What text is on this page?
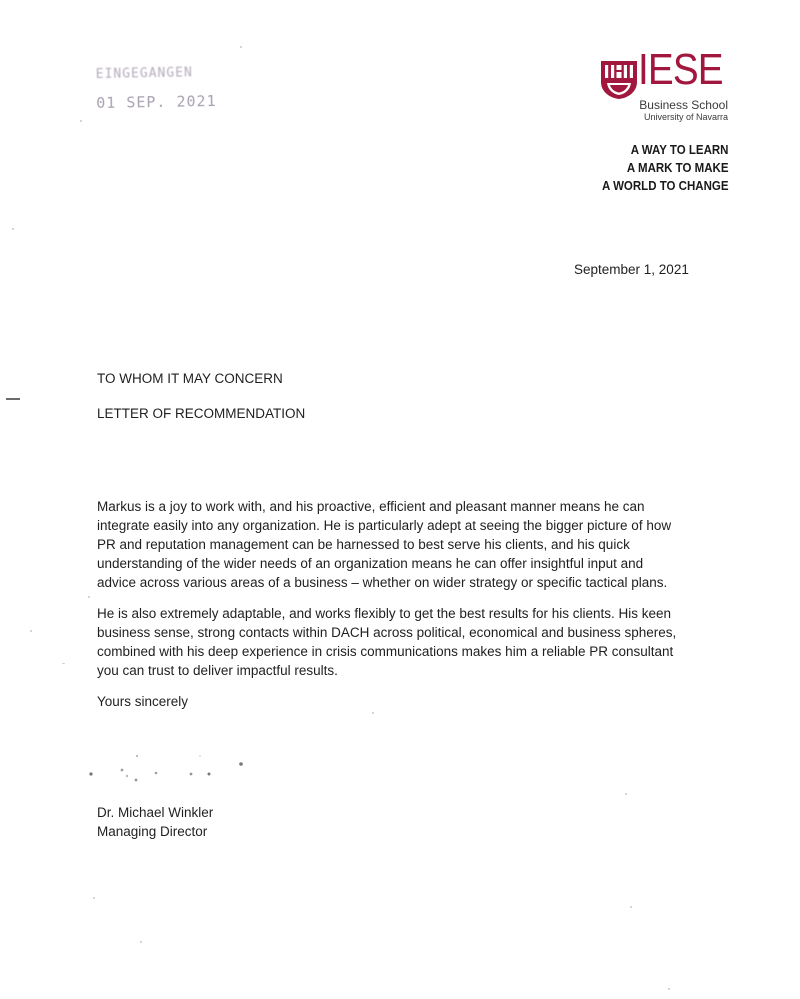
EINGEGANGEN
01 SEP. 2021
IESE
Business School
University of Navarra
A WAY TO LEARN
A MARK TO MAKE
A WORLD TO CHANGE
September 1, 2021
TO WHOM IT MAY CONCERN
LETTER OF RECOMMENDATION
Markus is a joy to work with, and his proactive, efficient and pleasant manner means he can
integrate easily into any organization. He is particularly adept at seeing the bigger picture of how
PR and reputation management can be harnessed to best serve his clients, and his quick
understanding of the wider needs of an organization means he can offer insightful input and
advice across various areas of a business – whether on wider strategy or specific tactical plans.
He is also extremely adaptable, and works flexibly to get the best results for his clients. His keen
business sense, strong contacts within DACH across political, economical and business spheres,
combined with his deep experience in crisis communications makes him a reliable PR consultant
you can trust to deliver impactful results.
Yours sincerely
Dr. Michael Winkler
Managing Director
